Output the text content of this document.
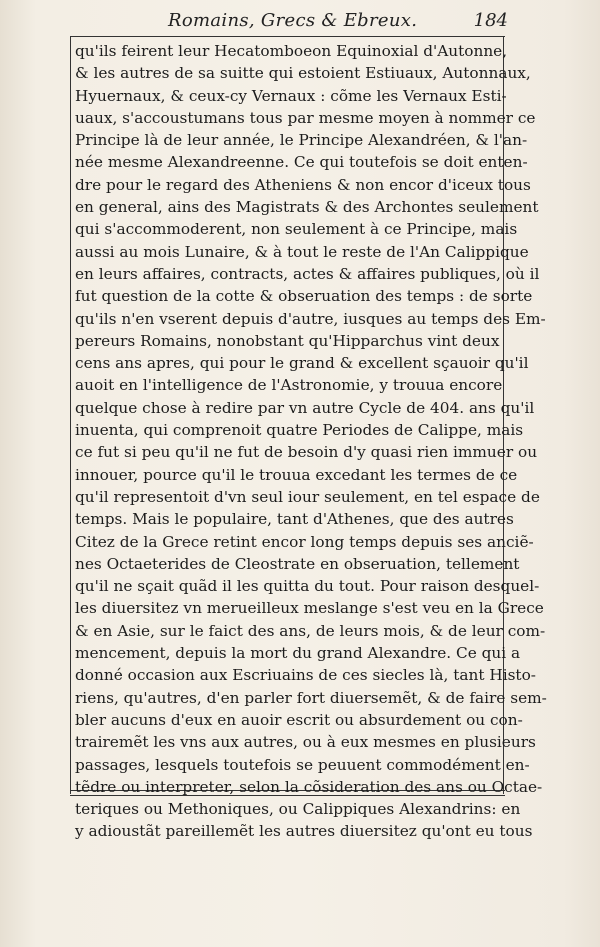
Romains, Grecs & Ebreux.	184
qu'ils feirent leur Hecatomboeon Equinoxial d'Autonne,
& les autres de sa suitte qui estoient Estiuaux, Autonnaux,
Hyuernaux, & ceux-cy Vernaux : cõme les Vernaux Esti-
uaux, s'accoustumans tous par mesme moyen à nommer ce
Principe là de leur année, le Principe Alexandréen, & l'an-
née mesme Alexandreenne. Ce qui toutefois se doit enten-
dre pour le regard des Atheniens & non encor d'iceux tous
en general, ains des Magistrats & des Archontes seulement
qui s'accommoderent, non seulement à ce Principe, mais
aussi au mois Lunaire, & à tout le reste de l'An Calippique
en leurs affaires, contracts, actes & affaires publiques, où il
fut question de la cotte & obseruation des temps : de sorte
qu'ils n'en vserent depuis d'autre, iusques au temps des Em-
pereurs Romains, nonobstant qu'Hipparchus vint deux
cens ans apres, qui pour le grand & excellent sçauoir qu'il
auoit en l'intelligence de l'Astronomie, y trouua encore
quelque chose à redire par vn autre Cycle de 404. ans qu'il
inuenta, qui comprenoit quatre Periodes de Calippe, mais
ce fut si peu qu'il ne fut de besoin d'y quasi rien immuer ou
innouer, pource qu'il le trouua excedant les termes de ce
qu'il representoit d'vn seul iour seulement, en tel espace de
temps. Mais le populaire, tant d'Athenes, que des autres
Citez de la Grece retint encor long temps depuis ses anciẽ-
nes Octaeterides de Cleostrate en obseruation, tellement
qu'il ne sçait quãd il les quitta du tout. Pour raison desquel-
les diuersitez vn merueilleux meslange s'est veu en la Grece
& en Asie, sur le faict des ans, de leurs mois, & de leur com-
mencement, depuis la mort du grand Alexandre. Ce qui a
donné occasion aux Escriuains de ces siecles là, tant Histo-
riens, qu'autres, d'en parler fort diuersemẽt, & de faire sem-
bler aucuns d'eux en auoir escrit ou absurdement ou con-
trairemẽt les vns aux autres, ou à eux mesmes en plusieurs
passages, lesquels toutefois se peuuent commodément en-
tẽdre ou interpreter, selon la cõsideration des ans ou Octae-
teriques ou Methoniques, ou Calippiques Alexandrins: en
y adioustãt pareillemẽt les autres diuersitez qu'ont eu tous
